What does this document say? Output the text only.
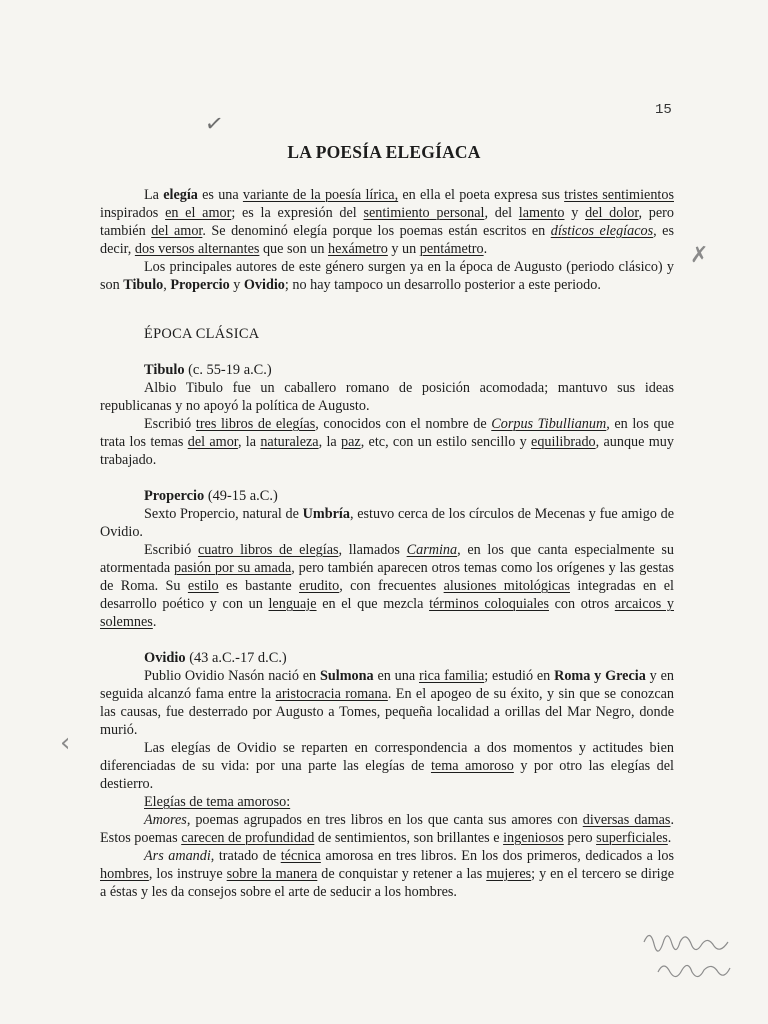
✓
✗
‹
15
LA POESÍA ELEGÍACA

La elegía es una variante de la poesía lírica, en ella el poeta expresa sus tristes sentimientos inspirados en el amor; es la expresión del sentimiento personal, del lamento y del dolor, pero también del amor. Se denominó elegía porque los poemas están escritos en dísticos elegíacos, es decir, dos versos alternantes que son un hexámetro y un pentámetro.

Los principales autores de este género surgen ya en la época de Augusto (periodo clásico) y son Tibulo, Propercio y Ovidio; no hay tampoco un desarrollo posterior a este periodo.

ÉPOCA CLÁSICA

Tibulo (c. 55-19 a.C.)

Albio Tibulo fue un caballero romano de posición acomodada; mantuvo sus ideas republicanas y no apoyó la política de Augusto.

Escribió tres libros de elegías, conocidos con el nombre de Corpus Tibullianum, en los que trata los temas del amor, la naturaleza, la paz, etc, con un estilo sencillo y equilibrado, aunque muy trabajado.

Propercio (49-15 a.C.)

Sexto Propercio, natural de Umbría, estuvo cerca de los círculos de Mecenas y fue amigo de Ovidio.

Escribió cuatro libros de elegías, llamados Carmina, en los que canta especialmente su atormentada pasión por su amada, pero también aparecen otros temas como los orígenes y las gestas de Roma. Su estilo es bastante erudito, con frecuentes alusiones mitológicas integradas en el desarrollo poético y con un lenguaje en el que mezcla términos coloquiales con otros arcaicos y solemnes.

Ovidio (43 a.C.-17 d.C.)

Publio Ovidio Nasón nació en Sulmona en una rica familia; estudió en Roma y Grecia y en seguida alcanzó fama entre la aristocracia romana. En el apogeo de su éxito, y sin que se conozcan las causas, fue desterrado por Augusto a Tomes, pequeña localidad a orillas del Mar Negro, donde murió.

Las elegías de Ovidio se reparten en correspondencia a dos momentos y actitudes bien diferenciadas de su vida: por una parte las elegías de tema amoroso y por otro las elegías del destierro.

Elegías de tema amoroso:

Amores, poemas agrupados en tres libros en los que canta sus amores con diversas damas. Estos poemas carecen de profundidad de sentimientos, son brillantes e ingeniosos pero superficiales.

Ars amandi, tratado de técnica amorosa en tres libros. En los dos primeros, dedicados a los hombres, los instruye sobre la manera de conquistar y retener a las mujeres; y en el tercero se dirige a éstas y les da consejos sobre el arte de seducir a los hombres.
